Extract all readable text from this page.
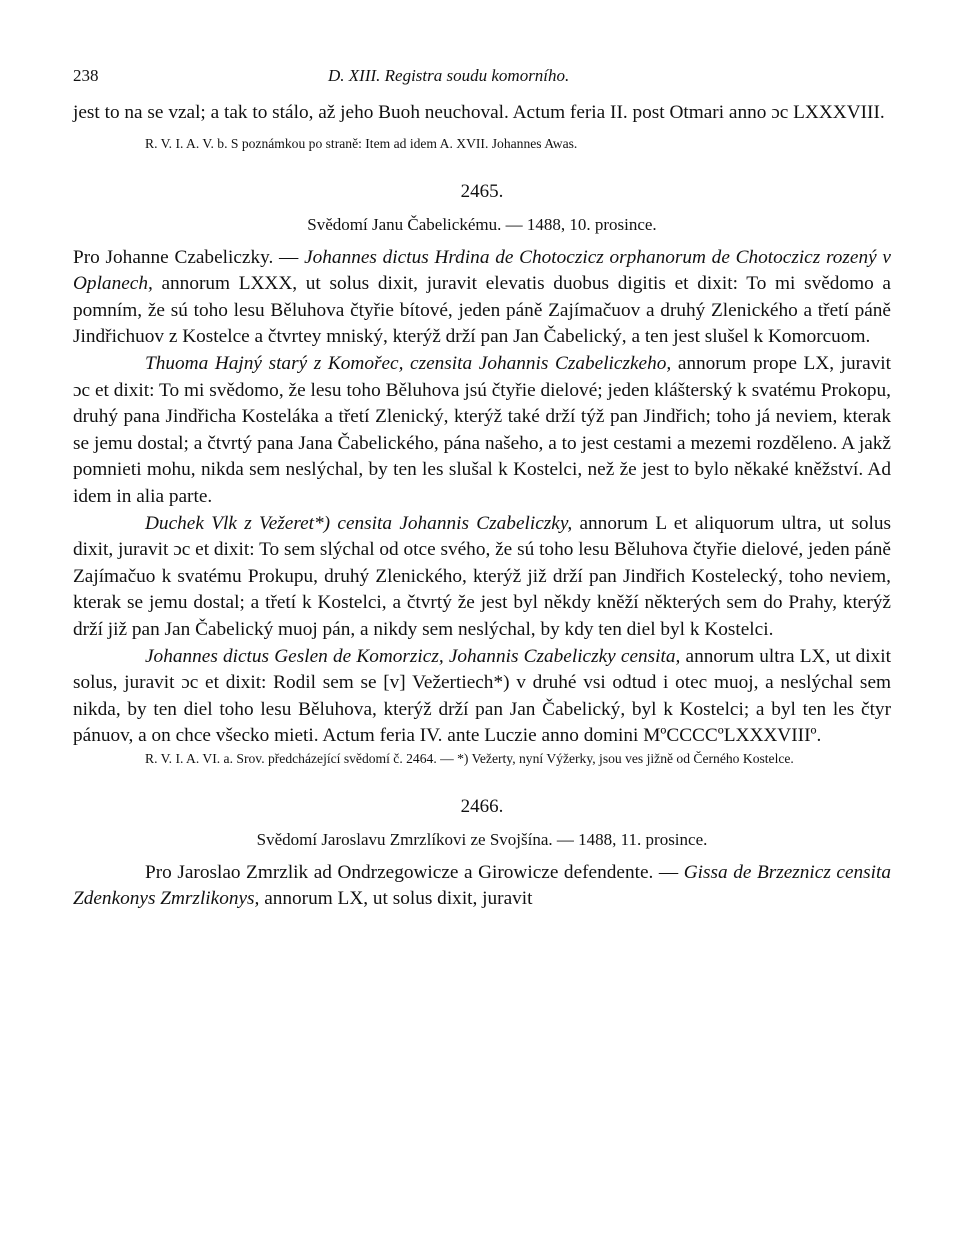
238	D. XIII. Registra soudu komorního.

jest to na se vzal; a tak to stálo, až jeho Buoh neuchoval. Actum feria II. post Otmari anno ɔc LXXXVIII.

R. V. I. A. V. b. S poznámkou po straně: Item ad idem A. XVII. Johannes Awas.

2465.
Svědomí Janu Čabelickému. — 1488, 10. prosince.

Pro Johanne Czabeliczky. — Johannes dictus Hrdina de Chotoczicz orphanorum de Chotoczicz rozený v Oplanech, annorum LXXX, ut solus dixit, juravit elevatis duobus digitis et dixit: To mi svědomo a pomním, že sú toho lesu Běluhova čtyřie bítové, jeden páně Zajímačuov a druhý Zlenického a třetí páně Jindřichuov z Kostelce a čtvrtey mniský, kterýž drží pan Jan Čabelický, a ten jest slušel k Komorcuom.

Thuoma Hajný starý z Komořec, czensita Johannis Czabeliczkeho, annorum prope LX, juravit ɔc et dixit: To mi svědomo, že lesu toho Běluhova jsú čtyřie dielové; jeden klášterský k svatému Prokopu, druhý pana Jindřicha Kosteláka a třetí Zlenický, kterýž také drží týž pan Jindřich; toho já neviem, kterak se jemu dostal; a čtvrtý pana Jana Čabelického, pána našeho, a to jest cestami a mezemi rozděleno. A jakž pomnieti mohu, nikda sem neslýchal, by ten les slušal k Kostelci, než že jest to bylo někaké kněžství. Ad idem in alia parte.

Duchek Vlk z Vežeret*) censita Johannis Czabeliczky, annorum L et aliquorum ultra, ut solus dixit, juravit ɔc et dixit: To sem slýchal od otce svého, že sú toho lesu Běluhova čtyřie dielové, jeden páně Zajímačuo k svatému Prokupu, druhý Zlenického, kterýž již drží pan Jindřich Kostelecký, toho neviem, kterak se jemu dostal; a třetí k Kostelci, a čtvrtý že jest byl někdy kněží některých sem do Prahy, kterýž drží již pan Jan Čabelický muoj pán, a nikdy sem neslýchal, by kdy ten diel byl k Kostelci.

Johannes dictus Geslen de Komorzicz, Johannis Czabeliczky censita, annorum ultra LX, ut dixit solus, juravit ɔc et dixit: Rodil sem se [v] Vežertiech*) v druhé vsi odtud i otec muoj, a neslýchal sem nikda, by ten diel toho lesu Běluhova, kterýž drží pan Jan Čabelický, byl k Kostelci; a byl ten les čtyr pánuov, a on chce všecko mieti. Actum feria IV. ante Luczie anno domini MºCCCCºLXXXVIIIº.

R. V. I. A. VI. a. Srov. předcházející svědomí č. 2464. — *) Vežerty, nyní Výžerky, jsou ves jižně od Černého Kostelce.

2466.
Svědomí Jaroslavu Zmrzlíkovi ze Svojšína. — 1488, 11. prosince.

Pro Jaroslao Zmrzlik ad Ondrzegowicze a Girowicze defendente. — Gissa de Brzeznicz censita Zdenkonys Zmrzlikonys, annorum LX, ut solus dixit, juravit
